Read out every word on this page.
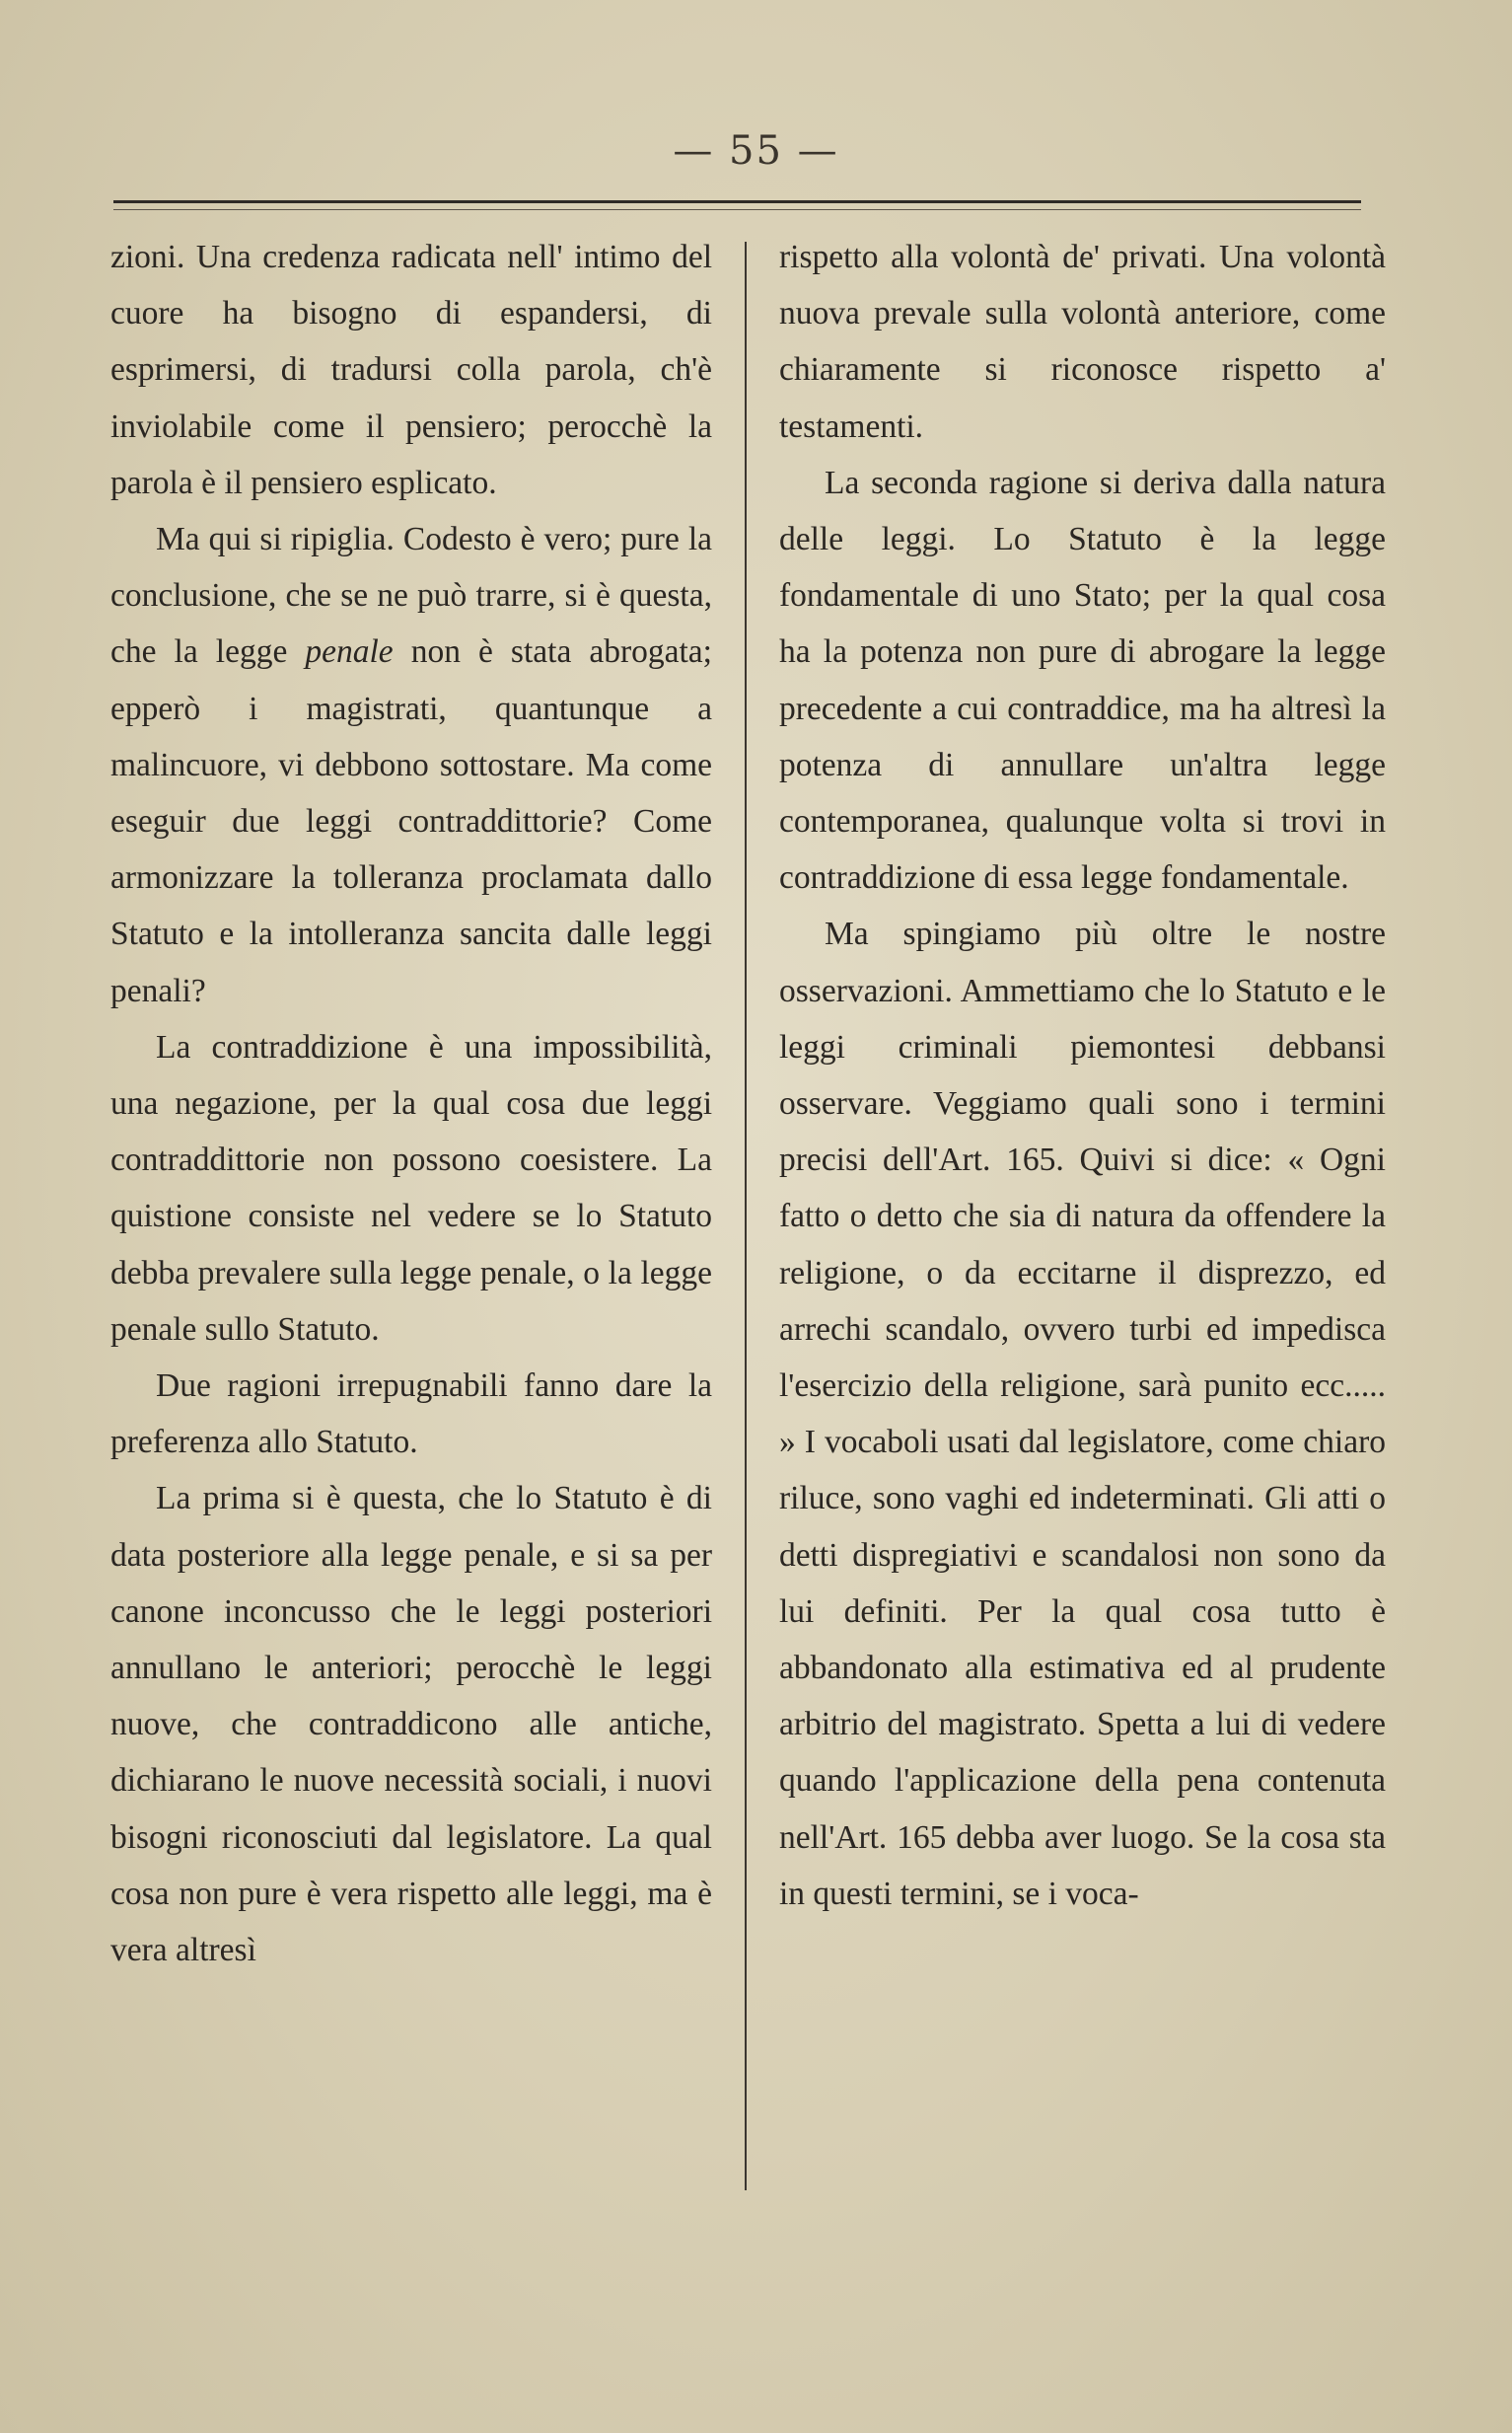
— 55 —

zioni. Una credenza radicata nell' intimo del cuore ha bisogno di espandersi, di esprimersi, di tradursi colla parola, ch'è inviolabile come il pensiero; perocchè la parola è il pensiero esplicato.

Ma qui si ripiglia. Codesto è vero; pure la conclusione, che se ne può trarre, si è questa, che la legge penale non è stata abrogata; epperò i magistrati, quantunque a malincuore, vi debbono sottostare. Ma come eseguir due leggi contraddittorie? Come armonizzare la tolleranza proclamata dallo Statuto e la intolleranza sancita dalle leggi penali?

La contraddizione è una impossibilità, una negazione, per la qual cosa due leggi contraddittorie non possono coesistere. La quistione consiste nel vedere se lo Statuto debba prevalere sulla legge penale, o la legge penale sullo Statuto.

Due ragioni irrepugnabili fanno dare la preferenza allo Statuto.

La prima si è questa, che lo Statuto è di data posteriore alla legge penale, e si sa per canone inconcusso che le leggi posteriori annullano le anteriori; perocchè le leggi nuove, che contraddicono alle antiche, dichiarano le nuove necessità sociali, i nuovi bisogni riconosciuti dal legislatore. La qual cosa non pure è vera rispetto alle leggi, ma è vera altresì

rispetto alla volontà de' privati. Una volontà nuova prevale sulla volontà anteriore, come chiaramente si riconosce rispetto a' testamenti.

La seconda ragione si deriva dalla natura delle leggi. Lo Statuto è la legge fondamentale di uno Stato; per la qual cosa ha la potenza non pure di abrogare la legge precedente a cui contraddice, ma ha altresì la potenza di annullare un'altra legge contemporanea, qualunque volta si trovi in contraddizione di essa legge fondamentale.

Ma spingiamo più oltre le nostre osservazioni. Ammettiamo che lo Statuto e le leggi criminali piemontesi debbansi osservare. Veggiamo quali sono i termini precisi dell'Art. 165. Quivi si dice: « Ogni fatto o detto che sia di natura da offendere la religione, o da eccitarne il disprezzo, ed arrechi scandalo, ovvero turbi ed impedisca l'esercizio della religione, sarà punito ecc..... » I vocaboli usati dal legislatore, come chiaro riluce, sono vaghi ed indeterminati. Gli atti o detti dispregiativi e scandalosi non sono da lui definiti. Per la qual cosa tutto è abbandonato alla estimativa ed al prudente arbitrio del magistrato. Spetta a lui di vedere quando l'applicazione della pena contenuta nell'Art. 165 debba aver luogo. Se la cosa sta in questi termini, se i voca-
